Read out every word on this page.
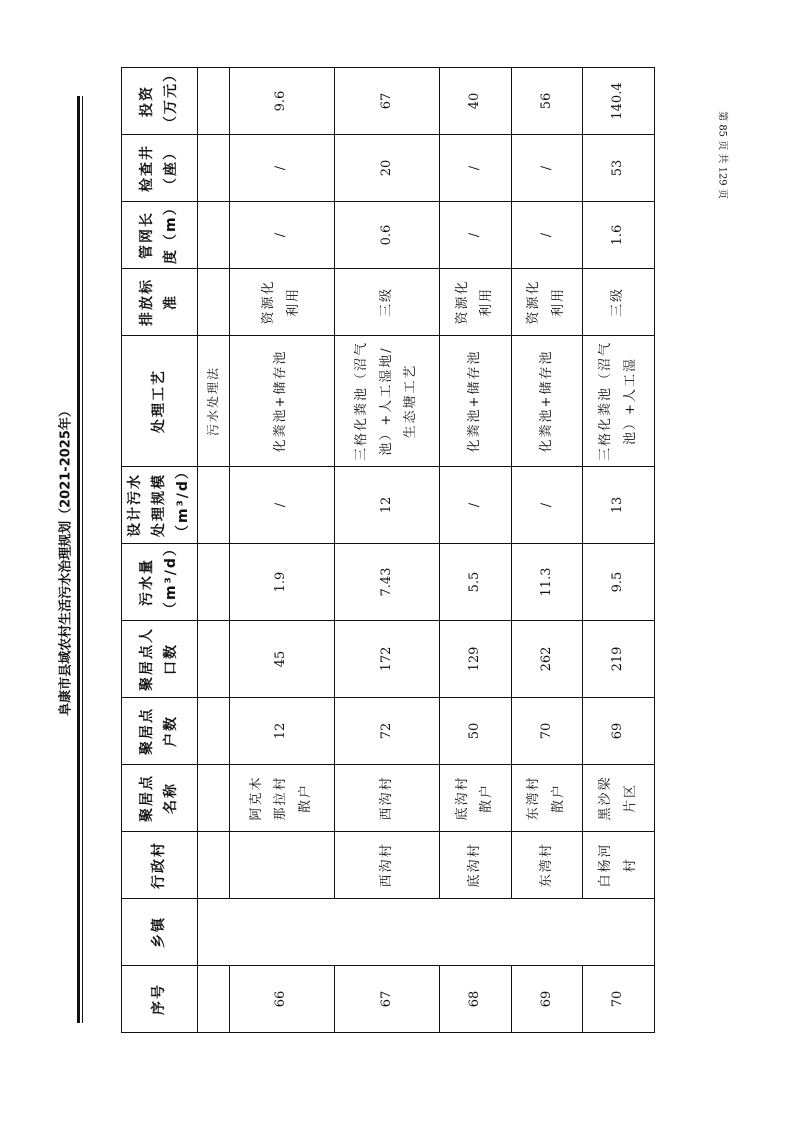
阜康市县域农村生活污水治理规划（2021-2025年）
序号	乡镇	行政村	聚居点名称	聚居点户数	聚居点人口数	污水量（m³/d）	设计污水处理规模（m³/d）	处理工艺	排放标准	管网长度（m）	检查井（座）	投资（万元）
								污水处理法				
66			阿克木那拉村散户	12	45	1.9	/	化粪池+储存池	资源化利用	/	/	9.6
67		西沟村	西沟村	72	172	7.43	12	三格化粪池（沼气池）+人工湿地/生态塘工艺	三级	0.6	20	67
68		底沟村	底沟村散户	50	129	5.5	/	化粪池+储存池	资源化利用	/	/	40
69		东湾村	东湾村散户	70	262	11.3	/	化粪池+储存池	资源化利用	/	/	56
70		白杨河村	黑沙梁片区	69	219	9.5	13	三格化粪池（沼气池）+人工湿	三级	1.6	53	140.4
第 85 页 共 129 页
